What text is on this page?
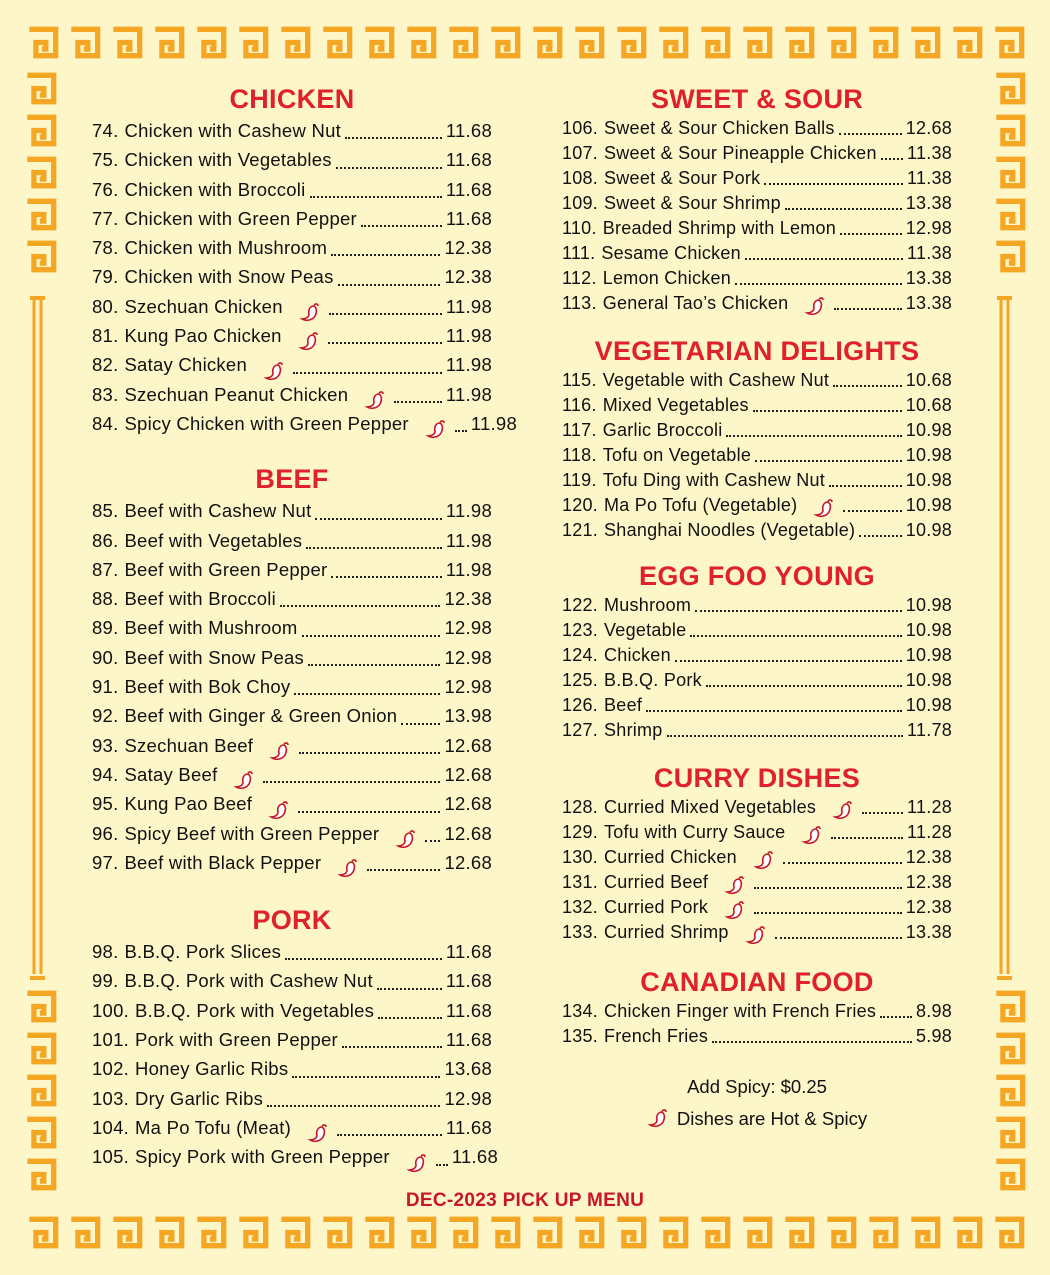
CHICKEN
74. Chicken with Cashew Nut	11.68
75. Chicken with Vegetables	11.68
76. Chicken with Broccoli	11.68
77. Chicken with Green Pepper	11.68
78. Chicken with Mushroom	12.38
79. Chicken with Snow Peas	12.38
80. Szechuan Chicken	11.98
81. Kung Pao Chicken	11.98
82. Satay Chicken	11.98
83. Szechuan Peanut Chicken	11.98
84. Spicy Chicken with Green Pepper	11.98
BEEF
85. Beef with Cashew Nut	11.98
86. Beef with Vegetables	11.98
87. Beef with Green Pepper	11.98
88. Beef with Broccoli	12.38
89. Beef with Mushroom	12.98
90. Beef with Snow Peas	12.98
91. Beef with Bok Choy	12.98
92. Beef with Ginger & Green Onion	13.98
93. Szechuan Beef	12.68
94. Satay Beef	12.68
95. Kung Pao Beef	12.68
96. Spicy Beef with Green Pepper	12.68
97. Beef with Black Pepper	12.68
PORK
98. B.B.Q. Pork Slices	11.68
99. B.B.Q. Pork with Cashew Nut	11.68
100. B.B.Q. Pork with Vegetables	11.68
101. Pork with Green Pepper	11.68
102. Honey Garlic Ribs	13.68
103. Dry Garlic Ribs	12.98
104. Ma Po Tofu (Meat)	11.68
105. Spicy Pork with Green Pepper	11.68
SWEET & SOUR
106. Sweet & Sour Chicken Balls	12.68
107. Sweet & Sour Pineapple Chicken 11.38
108. Sweet & Sour Pork	11.38
109. Sweet & Sour Shrimp	13.38
110. Breaded Shrimp with Lemon	12.98
111. Sesame Chicken	11.38
112. Lemon Chicken	13.38
113. General Tao’s Chicken	13.38
VEGETARIAN DELIGHTS
115. Vegetable with Cashew Nut	10.68
116. Mixed Vegetables	10.68
117. Garlic Broccoli	10.98
118. Tofu on Vegetable	10.98
119. Tofu Ding with Cashew Nut	10.98
120. Ma Po Tofu (Vegetable)	10.98
121. Shanghai Noodles (Vegetable)	10.98
EGG FOO YOUNG
122. Mushroom	10.98
123. Vegetable	10.98
124. Chicken	10.98
125. B.B.Q. Pork	10.98
126. Beef	10.98
127. Shrimp	11.78
CURRY DISHES
128. Curried Mixed Vegetables	11.28
129. Tofu with Curry Sauce	11.28
130. Curried Chicken	12.38
131. Curried Beef	12.38
132. Curried Pork	12.38
133. Curried Shrimp	13.38
CANADIAN FOOD
134. Chicken Finger with French Fries 8.98
135. French Fries	5.98
Add Spicy: $0.25
Dishes are Hot & Spicy
DEC-2023 PICK UP MENU
